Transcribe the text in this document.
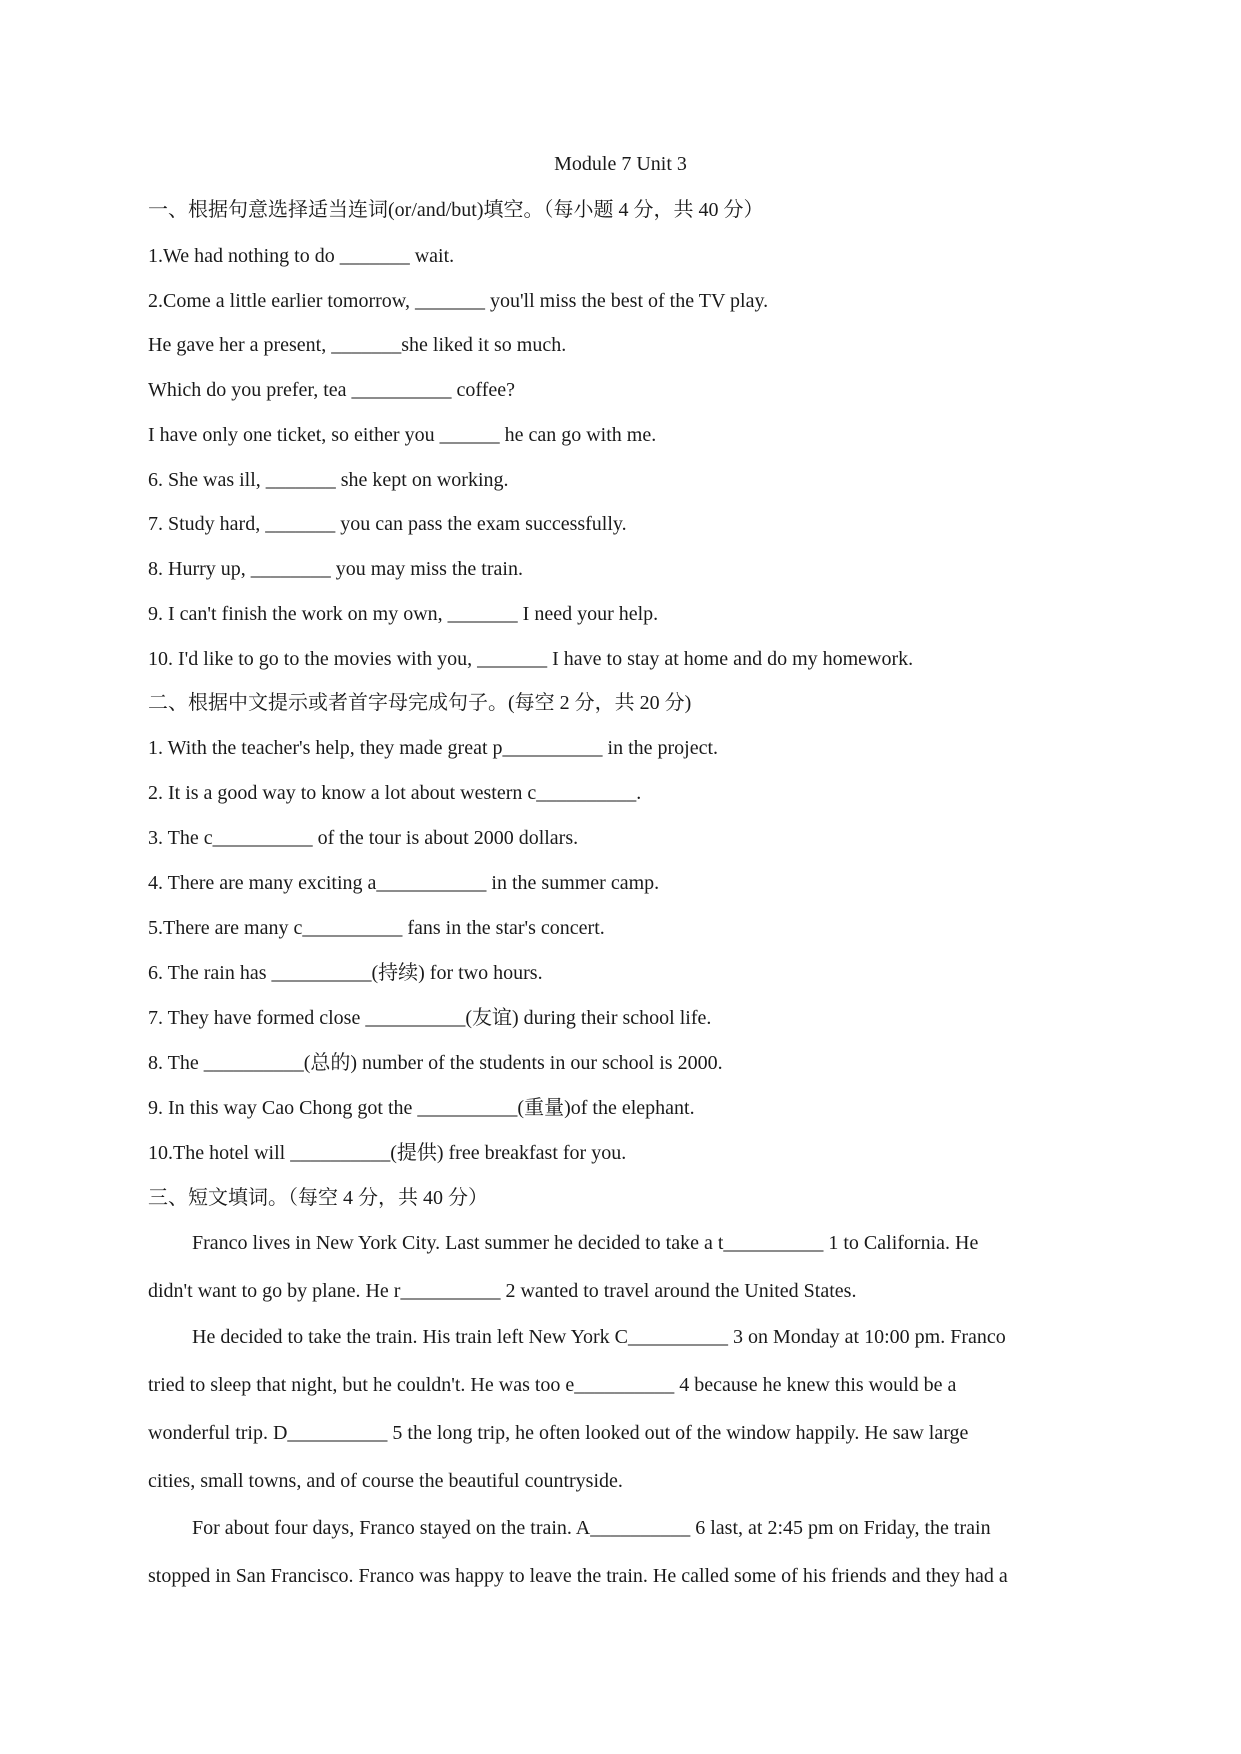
Module 7 Unit 3
一、根据句意选择适当连词(or/and/but)填空。（每小题 4 分，共 40 分）
1.We had nothing to do _______ wait.
2.Come a little earlier tomorrow, _______ you'll miss the best of the TV play.
He gave her a present, _______she liked it so much.
Which do you prefer, tea __________ coffee?
I have only one ticket, so either you ______ he can go with me.
6. She was ill, _______ she kept on working.
7. Study hard, _______ you can pass the exam successfully.
8. Hurry up, ________ you may miss the train.
9. I can't finish the work on my own, _______ I need your help.
10. I'd like to go to the movies with you, _______ I have to stay at home and do my homework.
二、根据中文提示或者首字母完成句子。(每空 2 分，共 20 分)
1. With the teacher's help, they made great p__________ in the project.
2. It is a good way to know a lot about western c__________.
3. The c__________ of the tour is about 2000 dollars.
4. There are many exciting a___________ in the summer camp.
5.There are many c__________ fans in the star's concert.
6. The rain has __________(持续) for two hours.
7. They have formed close __________(友谊) during their school life.
8. The __________(总的) number of the students in our school is 2000.
9. In this way Cao Chong got the __________(重量)of the elephant.
10.The hotel will __________(提供) free breakfast for you.
三、短文填词。（每空 4 分，共 40 分）
Franco lives in New York City. Last summer he decided to take a t__________ 1 to California. He
didn't want to go by plane. He r__________ 2 wanted to travel around the United States.
He decided to take the train. His train left New York C__________ 3 on Monday at 10:00 pm. Franco
tried to sleep that night, but he couldn't. He was too e__________ 4 because he knew this would be a
wonderful trip. D__________ 5 the long trip, he often looked out of the window happily. He saw large
cities, small towns, and of course the beautiful countryside.
For about four days, Franco stayed on the train. A__________ 6 last, at 2:45 pm on Friday, the train
stopped in San Francisco. Franco was happy to leave the train. He called some of his friends and they had a
